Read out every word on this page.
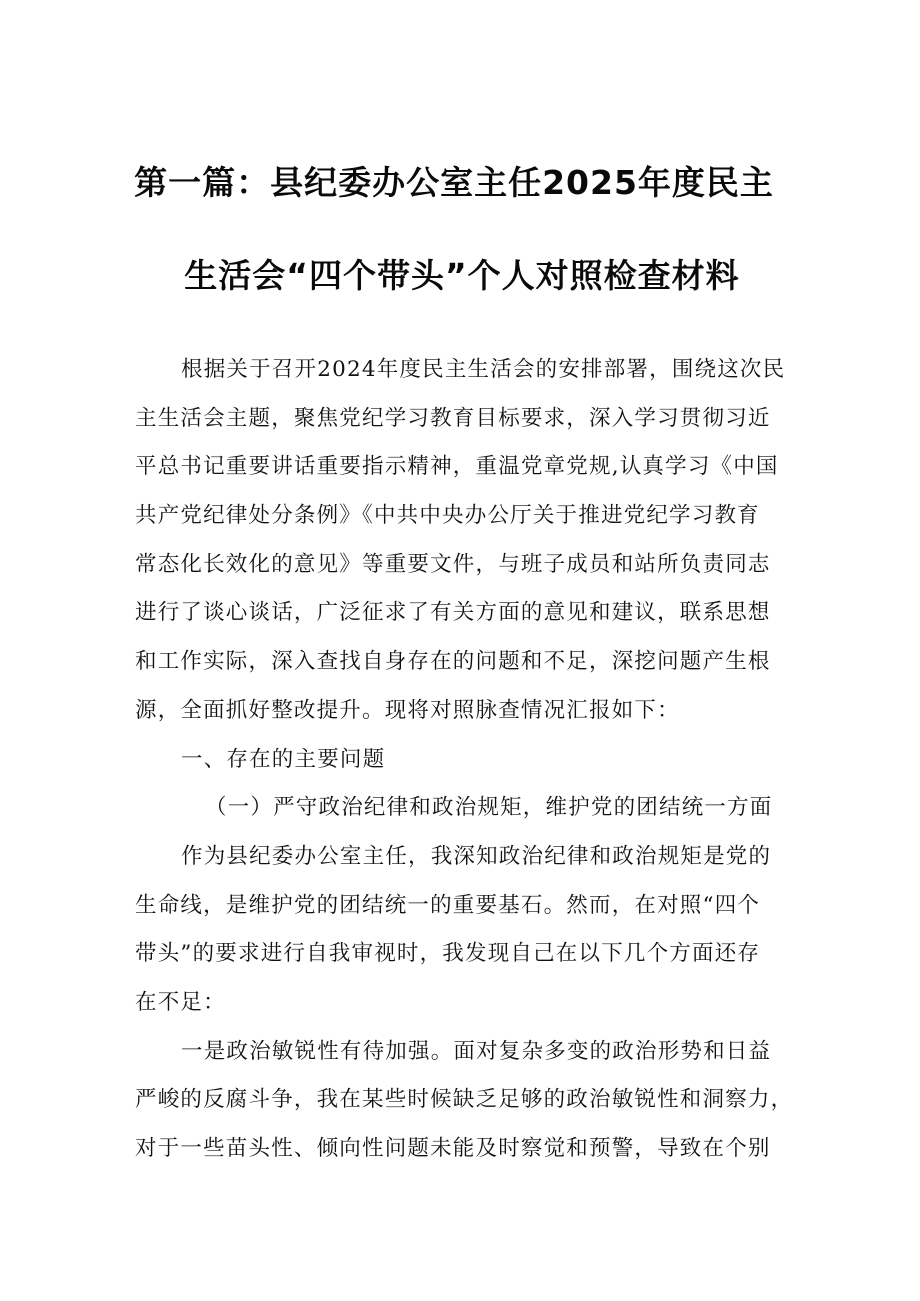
第一篇：县纪委办公室主任2025年度民主
生活会“四个带头”个人对照检查材料
根据关于召开2024年度民主生活会的安排部署，围绕这次民
主生活会主题，聚焦党纪学习教育目标要求，深入学习贯彻习近
平总书记重要讲话重要指示精神，重温党章党规,认真学习《中国
共产党纪律处分条例》《中共中央办公厅关于推进党纪学习教育
常态化长效化的意见》等重要文件，与班子成员和站所负责同志
进行了谈心谈话，广泛征求了有关方面的意见和建议，联系思想
和工作实际，深入查找自身存在的问题和不足，深挖问题产生根
源，全面抓好整改提升。现将对照脉查情况汇报如下：
一、存在的主要问题
（一）严守政治纪律和政治规矩，维护党的团结统一方面
作为县纪委办公室主任，我深知政治纪律和政治规矩是党的
生命线，是维护党的团结统一的重要基石。然而，在对照“四个
带头”的要求进行自我审视时，我发现自己在以下几个方面还存
在不足：
一是政治敏锐性有待加强。面对复杂多变的政治形势和日益
严峻的反腐斗争，我在某些时候缺乏足够的政治敏锐性和洞察力，
对于一些苗头性、倾向性问题未能及时察觉和预警，导致在个别
